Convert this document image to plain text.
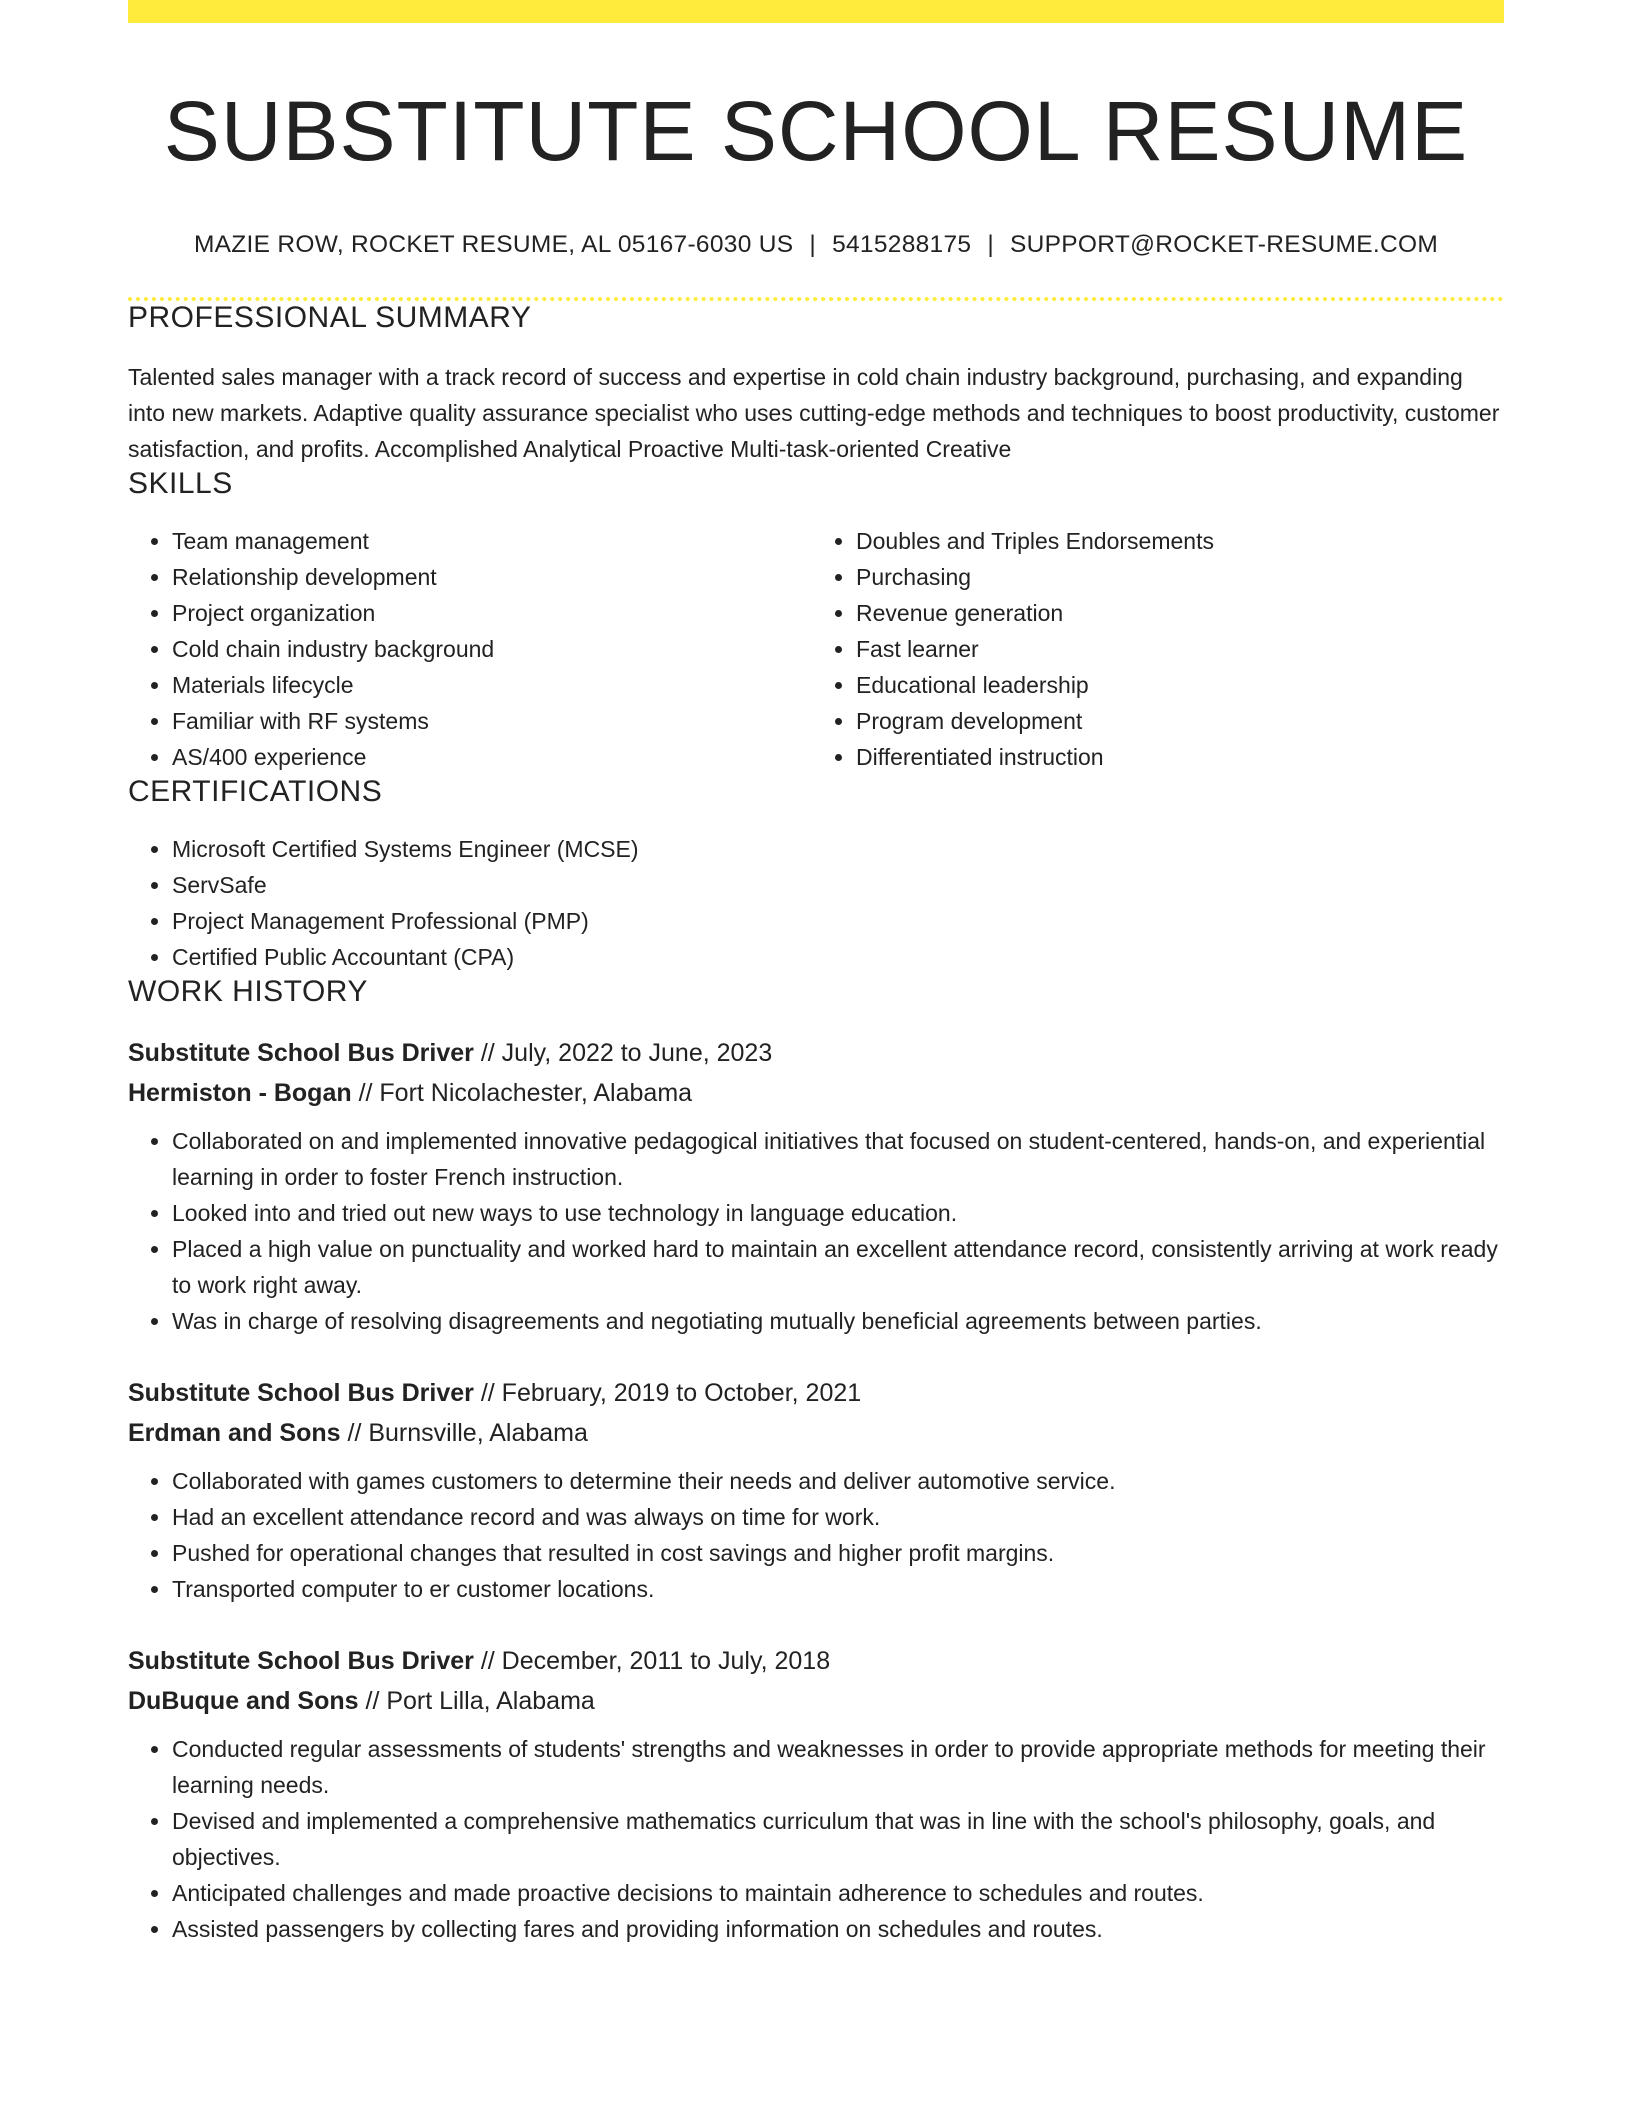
SUBSTITUTE SCHOOL RESUME
MAZIE ROW, ROCKET RESUME, AL 05167-6030 US | 5415288175 | SUPPORT@ROCKET-RESUME.COM
PROFESSIONAL SUMMARY
Talented sales manager with a track record of success and expertise in cold chain industry background, purchasing, and expanding into new markets. Adaptive quality assurance specialist who uses cutting-edge methods and techniques to boost productivity, customer satisfaction, and profits. Accomplished Analytical Proactive Multi-task-oriented Creative
SKILLS
• Team management
• Relationship development
• Project organization
• Cold chain industry background
• Materials lifecycle
• Familiar with RF systems
• AS/400 experience
• Doubles and Triples Endorsements
• Purchasing
• Revenue generation
• Fast learner
• Educational leadership
• Program development
• Differentiated instruction
CERTIFICATIONS
• Microsoft Certified Systems Engineer (MCSE)
• ServSafe
• Project Management Professional (PMP)
• Certified Public Accountant (CPA)
WORK HISTORY
Substitute School Bus Driver // July, 2022 to June, 2023
Hermiston - Bogan // Fort Nicolachester, Alabama
• Collaborated on and implemented innovative pedagogical initiatives that focused on student-centered, hands-on, and experiential learning in order to foster French instruction.
• Looked into and tried out new ways to use technology in language education.
• Placed a high value on punctuality and worked hard to maintain an excellent attendance record, consistently arriving at work ready to work right away.
• Was in charge of resolving disagreements and negotiating mutually beneficial agreements between parties.
Substitute School Bus Driver // February, 2019 to October, 2021
Erdman and Sons // Burnsville, Alabama
• Collaborated with games customers to determine their needs and deliver automotive service.
• Had an excellent attendance record and was always on time for work.
• Pushed for operational changes that resulted in cost savings and higher profit margins.
• Transported computer to er customer locations.
Substitute School Bus Driver // December, 2011 to July, 2018
DuBuque and Sons // Port Lilla, Alabama
• Conducted regular assessments of students' strengths and weaknesses in order to provide appropriate methods for meeting their learning needs.
• Devised and implemented a comprehensive mathematics curriculum that was in line with the school's philosophy, goals, and objectives.
• Anticipated challenges and made proactive decisions to maintain adherence to schedules and routes.
• Assisted passengers by collecting fares and providing information on schedules and routes.
